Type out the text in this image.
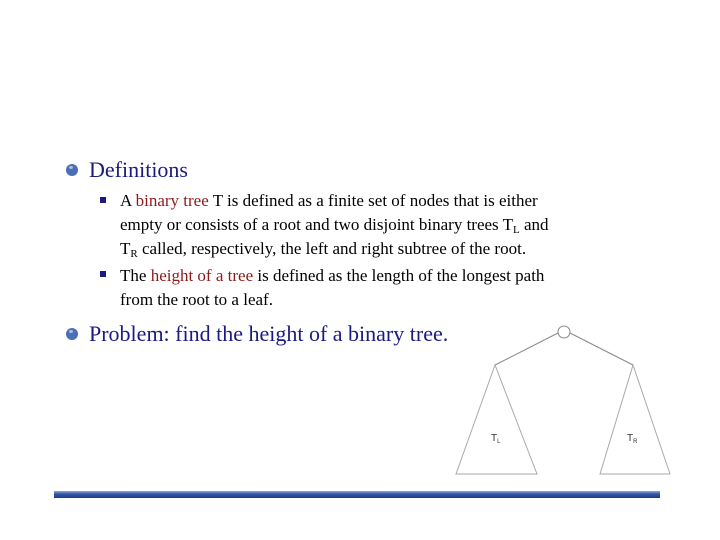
Definitions
A binary tree T is defined as a finite set of nodes that is either
empty or consists of a root and two disjoint binary trees $T_L$ and
$T_R$ called, respectively, the left and right subtree of the root.
The height of a tree is defined as the length of the longest path
from the root to a leaf.
Problem: find the height of a binary tree.
$T_L$	$T_R$
